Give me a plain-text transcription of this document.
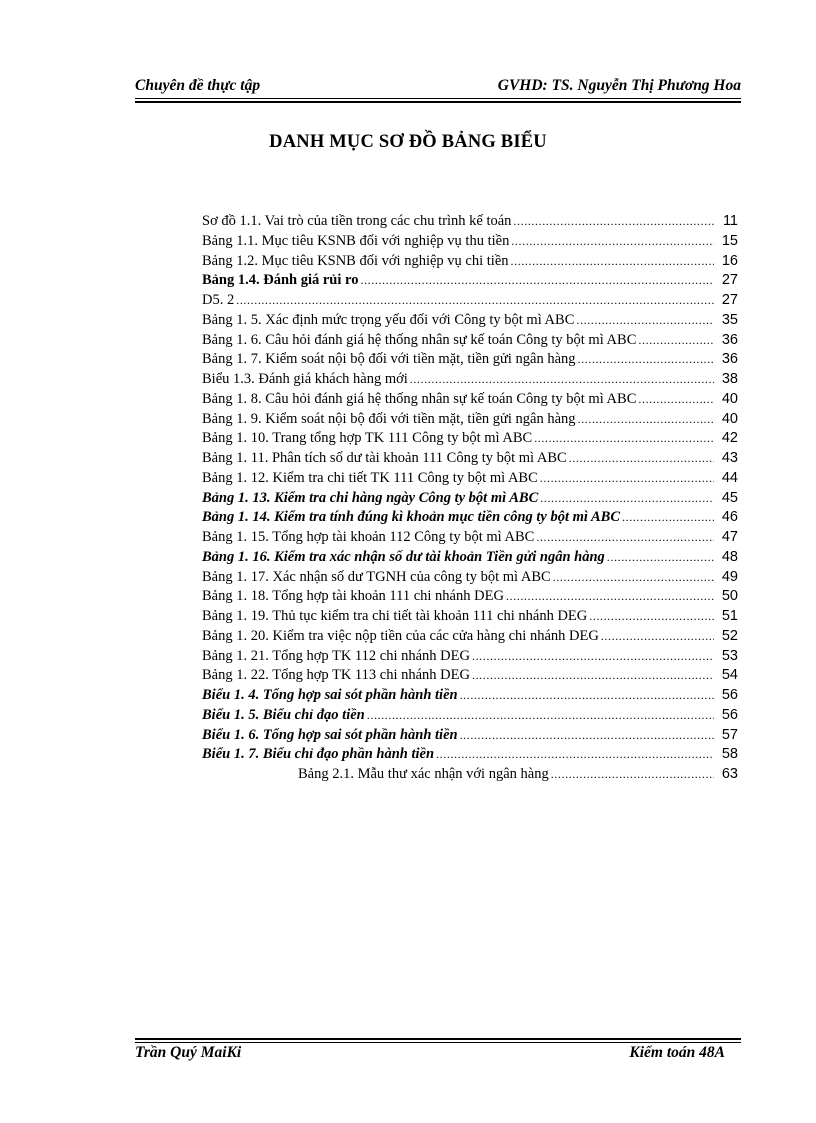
Chuyên đề thực tập	GVHD: TS. Nguyễn Thị Phương Hoa
DANH MỤC SƠ ĐỒ BẢNG BIỂU
Sơ đồ 1.1. Vai trò của tiền trong các chu trình kế toán .....	11
Bảng 1.1. Mục tiêu KSNB đối với nghiệp vụ thu tiền .....	15
Bảng 1.2. Mục tiêu KSNB đối với nghiệp vụ chi tiền .....	16
Bảng 1.4. Đánh giá rủi ro .....	27
D5. 2 .....	27
Bảng 1. 5. Xác định mức trọng yếu đối với Công ty bột mì ABC .....	35
Bảng 1. 6. Câu hỏi đánh giá hệ thống nhân sự kế toán Công ty bột mì ABC .....	36
Bảng 1. 7. Kiểm soát nội bộ đối với tiền mặt, tiền gửi ngân hàng .....	36
Biểu 1.3. Đánh giá khách hàng mới .....	38
Bảng 1. 8. Câu hỏi đánh giá hệ thống nhân sự kế toán Công ty bột mì ABC .....	40
Bảng 1. 9. Kiểm soát nội bộ đối với tiền mặt, tiền gửi ngân hàng .....	40
Bảng 1. 10. Trang tổng hợp TK 111 Công ty bột mì ABC .....	42
Bảng 1. 11. Phân tích số dư tài khoản 111 Công ty bột mì ABC .....	43
Bảng 1. 12. Kiểm tra chi tiết TK 111 Công ty bột mì ABC .....	44
Bảng 1. 13. Kiểm tra chi hàng ngày Công ty bột mì ABC .....	45
Bảng 1. 14. Kiểm tra tính đúng kì khoản mục tiền công ty bột mì ABC .....	46
Bảng 1. 15. Tổng hợp tài khoản 112 Công ty bột mì ABC .....	47
Bảng 1. 16. Kiểm tra xác nhận số dư tài khoản Tiền gửi ngân hàng .....	48
Bảng 1. 17. Xác nhận số dư TGNH của công ty bột mì ABC .....	49
Bảng 1. 18. Tổng hợp tài khoản 111 chi nhánh DEG .....	50
Bảng 1. 19. Thủ tục kiểm tra chi tiết tài khoản 111 chi nhánh DEG .....	51
Bảng 1. 20. Kiểm tra việc nộp tiền của các cửa hàng chi nhánh DEG .....	52
Bảng 1. 21. Tổng hợp TK 112 chi nhánh DEG .....	53
Bảng 1. 22. Tổng hợp TK 113 chi nhánh DEG .....	54
Biểu 1. 4. Tổng hợp sai sót phần hành tiền .....	56
Biểu 1. 5. Biểu chỉ đạo tiền .....	56
Biểu 1. 6. Tổng hợp sai sót phần hành tiền .....	57
Biểu 1. 7. Biểu chỉ đạo phần hành tiền .....	58
Bảng 2.1. Mẫu thư xác nhận với ngân hàng .....	63
Trần Quý MaiKi	Kiểm toán 48A
